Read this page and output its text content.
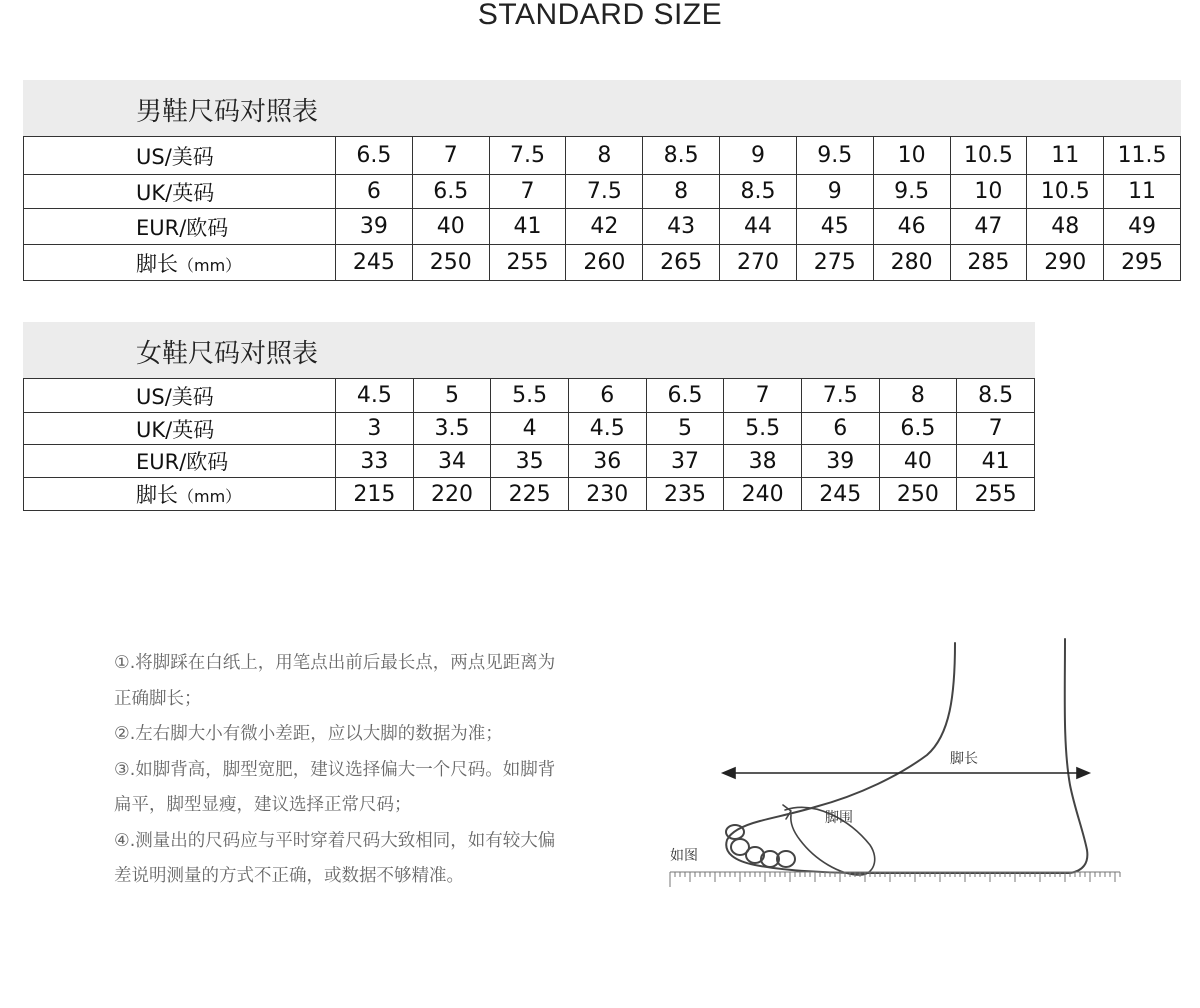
STANDARD SIZE
男鞋尺码对照表
US/美码	6.5	7	7.5	8	8.5	9	9.5	10	10.5	11	11.5
UK/英码	6	6.5	7	7.5	8	8.5	9	9.5	10	10.5	11
EUR/欧码	39	40	41	42	43	44	45	46	47	48	49
脚长（mm）	245	250	255	260	265	270	275	280	285	290	295
女鞋尺码对照表
US/美码	4.5	5	5.5	6	6.5	7	7.5	8	8.5
UK/英码	3	3.5	4	4.5	5	5.5	6	6.5	7
EUR/欧码	33	34	35	36	37	38	39	40	41
脚长（mm）	215	220	225	230	235	240	245	250	255

①.将脚踩在白纸上，用笔点出前后最长点，两点见距离为

正确脚长；

②.左右脚大小有微小差距，应以大脚的数据为准；

③.如脚背高，脚型宽肥，建议选择偏大一个尺码。如脚背

扁平，脚型显瘦，建议选择正常尺码；

④.测量出的尺码应与平时穿着尺码大致相同，如有较大偏

差说明测量的方式不正确，或数据不够精准。

脚长
脚围
如图
